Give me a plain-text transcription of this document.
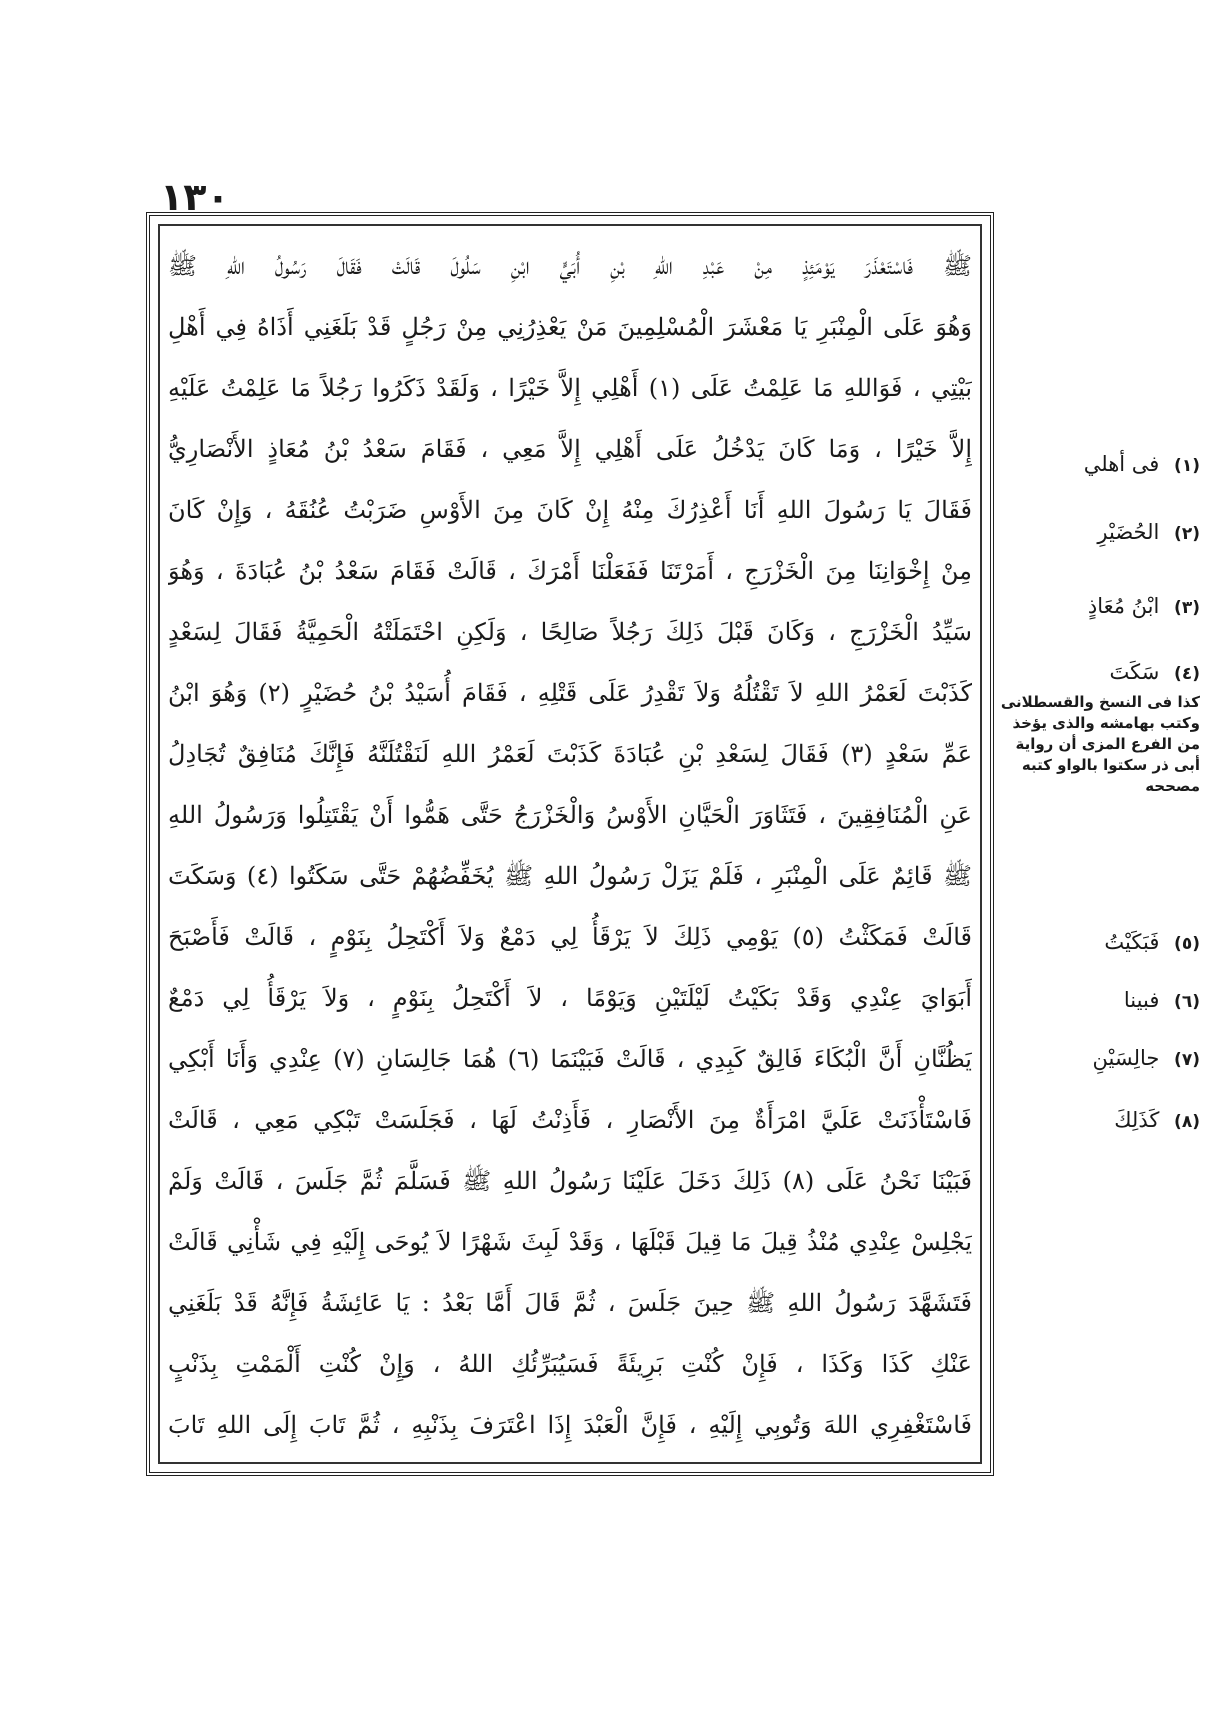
١٣٠
ﷺ فَاسْتَعْذَرَ يَوْمَئِذٍ مِنْ عَبْدِ اللهِ بْنِ أُبَيٍّ ابْنِ سَلُولَ قَالَتْ فَقَالَ رَسُولُ اللهِ ﷺ
وَهُوَ عَلَى الْمِنْبَرِ يَا مَعْشَرَ الْمُسْلِمِينَ مَنْ يَعْذِرُنِي مِنْ رَجُلٍ قَدْ بَلَغَنِي أَذَاهُ فِي أَهْلِ
بَيْتِي ، فَوَاللهِ مَا عَلِمْتُ عَلَى (١) أَهْلِي إِلاَّ خَيْرًا ، وَلَقَدْ ذَكَرُوا رَجُلاً مَا عَلِمْتُ عَلَيْهِ
إِلاَّ خَيْرًا ، وَمَا كَانَ يَدْخُلُ عَلَى أَهْلِي إِلاَّ مَعِي ، فَقَامَ سَعْدُ بْنُ مُعَاذٍ الأَنْصَارِيُّ
فَقَالَ يَا رَسُولَ اللهِ أَنَا أَعْذِرُكَ مِنْهُ إِنْ كَانَ مِنَ الأَوْسِ ضَرَبْتُ عُنُقَهُ ، وَإِنْ كَانَ
مِنْ إِخْوَانِنَا مِنَ الْخَزْرَجِ ، أَمَرْتَنَا فَفَعَلْنَا أَمْرَكَ ، قَالَتْ فَقَامَ سَعْدُ بْنُ عُبَادَةَ ، وَهُوَ
سَيِّدُ الْخَزْرَجِ ، وَكَانَ قَبْلَ ذَلِكَ رَجُلاً صَالِحًا ، وَلَكِنِ احْتَمَلَتْهُ الْحَمِيَّةُ فَقَالَ لِسَعْدٍ
كَذَبْتَ لَعَمْرُ اللهِ لاَ تَقْتُلُهُ وَلاَ تَقْدِرُ عَلَى قَتْلِهِ ، فَقَامَ أُسَيْدُ بْنُ حُضَيْرٍ (٢) وَهُوَ ابْنُ
عَمِّ سَعْدٍ (٣) فَقَالَ لِسَعْدِ بْنِ عُبَادَةَ كَذَبْتَ لَعَمْرُ اللهِ لَنَقْتُلَنَّهُ فَإِنَّكَ مُنَافِقٌ تُجَادِلُ
عَنِ الْمُنَافِقِينَ ، فَتَثَاوَرَ الْحَيَّانِ الأَوْسُ وَالْخَزْرَجُ حَتَّى هَمُّوا أَنْ يَقْتَتِلُوا وَرَسُولُ اللهِ
ﷺ قَائِمٌ عَلَى الْمِنْبَرِ ، فَلَمْ يَزَلْ رَسُولُ اللهِ ﷺ يُخَفِّضُهُمْ حَتَّى سَكَتُوا (٤) وَسَكَتَ
قَالَتْ فَمَكَثْتُ (٥) يَوْمِي ذَلِكَ لاَ يَرْقَأُ لِي دَمْعٌ وَلاَ أَكْتَحِلُ بِنَوْمٍ ، قَالَتْ فَأَصْبَحَ
أَبَوَايَ عِنْدِي وَقَدْ بَكَيْتُ لَيْلَتَيْنِ وَيَوْمًا ، لاَ أَكْتَحِلُ بِنَوْمٍ ، وَلاَ يَرْقَأُ لِي دَمْعٌ
يَظُنَّانِ أَنَّ الْبُكَاءَ فَالِقٌ كَبِدِي ، قَالَتْ فَبَيْنَمَا (٦) هُمَا جَالِسَانِ (٧) عِنْدِي وَأَنَا أَبْكِي
فَاسْتَأْذَنَتْ عَلَيَّ امْرَأَةٌ مِنَ الأَنْصَارِ ، فَأَذِنْتُ لَهَا ، فَجَلَسَتْ تَبْكِي مَعِي ، قَالَتْ
فَبَيْنَا نَحْنُ عَلَى (٨) ذَلِكَ دَخَلَ عَلَيْنَا رَسُولُ اللهِ ﷺ فَسَلَّمَ ثُمَّ جَلَسَ ، قَالَتْ وَلَمْ
يَجْلِسْ عِنْدِي مُنْذُ قِيلَ مَا قِيلَ قَبْلَهَا ، وَقَدْ لَبِثَ شَهْرًا لاَ يُوحَى إِلَيْهِ فِي شَأْنِي قَالَتْ
فَتَشَهَّدَ رَسُولُ اللهِ ﷺ حِينَ جَلَسَ ، ثُمَّ قَالَ أَمَّا بَعْدُ : يَا عَائِشَةُ فَإِنَّهُ قَدْ بَلَغَنِي
عَنْكِ كَذَا وَكَذَا ، فَإِنْ كُنْتِ بَرِيئَةً فَسَيُبَرِّئُكِ اللهُ ، وَإِنْ كُنْتِ أَلْمَمْتِ بِذَنْبٍ
فَاسْتَغْفِرِي اللهَ وَتُوبِي إِلَيْهِ ، فَإِنَّ الْعَبْدَ إِذَا اعْتَرَفَ بِذَنْبِهِ ، ثُمَّ تَابَ إِلَى اللهِ تَابَ
(١) فى أهلي
(٢) الحُضَيْرِ
(٣) ابْنُ مُعَاذٍ
(٤) سَكَتَ
(٥) فَبَكَيْتُ
(٦) فبينا
(٧) جالِسَيْنِ
(٨) كَذَلِكَ
كذا فى النسخ والقسطلانى
وكتب بهامشه والذى يؤخذ
من الفرع المزى أن رواية
أبى ذر سكتوا بالواو كتبه
مصححه
